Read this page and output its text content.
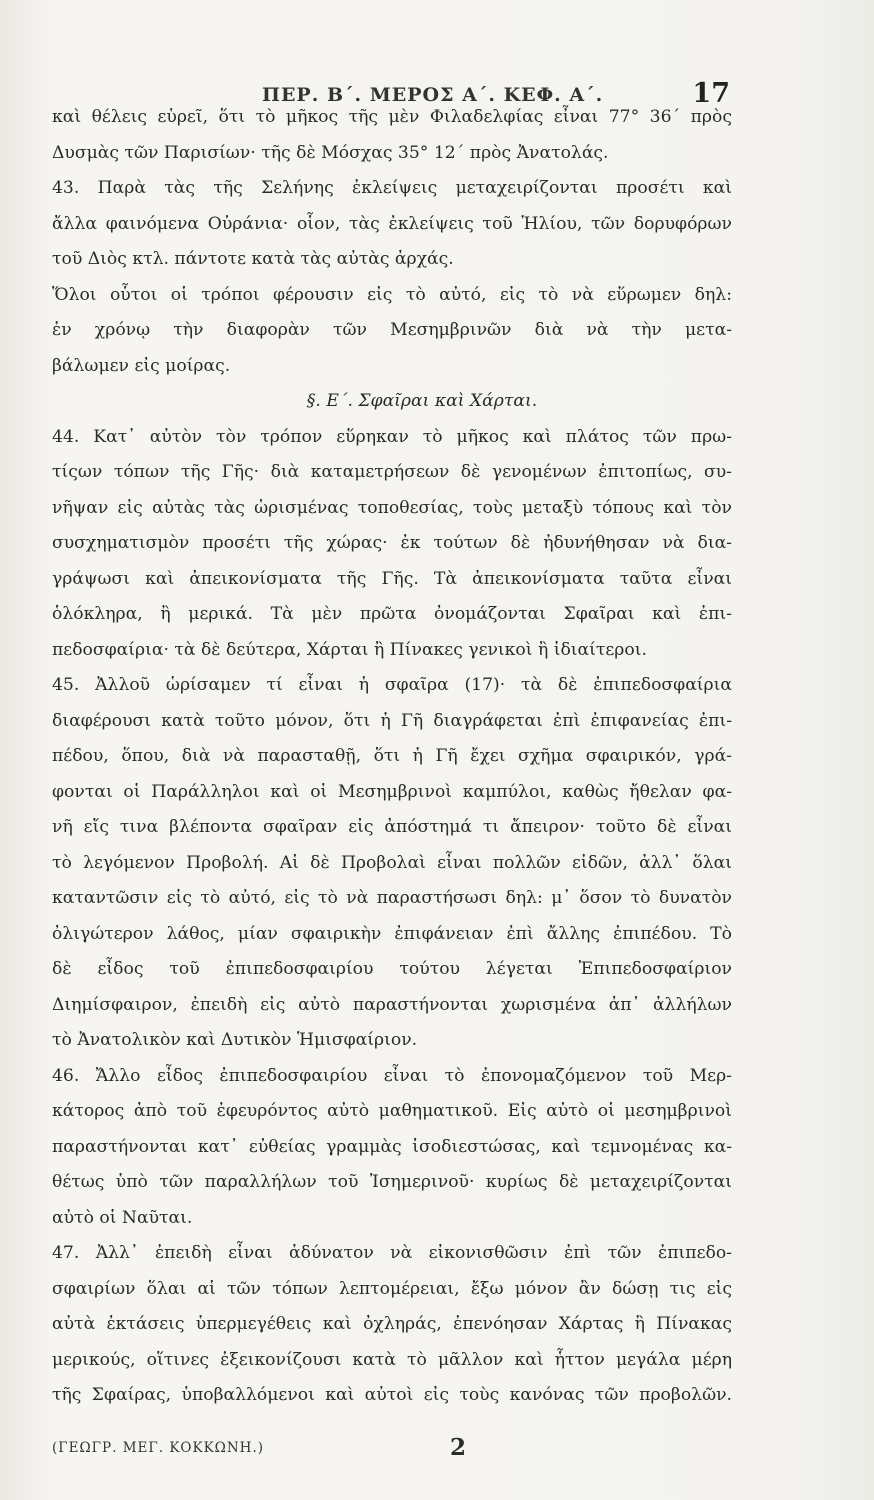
ΠΕΡ. Β΄. ΜΕΡΟΣ Α΄. ΚΕΦ. Α΄.	17
καὶ θέλεις εὑρεῖ, ὅτι τὸ μῆκος τῆς μὲν Φιλαδελφίας εἶναι 77° 36΄ πρὸς
Δυσμὰς τῶν Παρισίων· τῆς δὲ Μόσχας 35° 12΄ πρὸς Ἀνατολάς.
43. Παρὰ τὰς τῆς Σελήνης ἐκλείψεις μεταχειρίζονται προσέτι καὶ
ἄλλα φαινόμενα Οὐράνια· οἷον, τὰς ἐκλείψεις τοῦ Ἡλίου, τῶν δορυφόρων
τοῦ Διὸς κτλ. πάντοτε κατὰ τὰς αὐτὰς ἀρχάς.
Ὅλοι οὗτοι οἱ τρόποι φέρουσιν εἰς τὸ αὐτό, εἰς τὸ νὰ εὕρωμεν δηλ:
ἐν χρόνῳ τὴν διαφορὰν τῶν Μεσημβρινῶν διὰ νὰ τὴν μετα-
βάλωμεν εἰς μοίρας.
§. Ε΄. Σφαῖραι καὶ Χάρται.
44. Κατ᾿ αὐτὸν τὸν τρόπον εὕρηκαν τὸ μῆκος καὶ πλάτος τῶν πρω-
τίςων τόπων τῆς Γῆς· διὰ καταμετρήσεων δὲ γενομένων ἐπιτοπίως, συ-
νῆψαν εἰς αὐτὰς τὰς ὡρισμένας τοποθεσίας, τοὺς μεταξὺ τόπους καὶ τὸν
συσχηματισμὸν προσέτι τῆς χώρας· ἐκ τούτων δὲ ἠδυνήθησαν νὰ δια-
γράψωσι καὶ ἀπεικονίσματα τῆς Γῆς. Τὰ ἀπεικονίσματα ταῦτα εἶναι
ὁλόκληρα, ἢ μερικά. Τὰ μὲν πρῶτα ὀνομάζονται Σφαῖραι καὶ ἐπι-
πεδοσφαίρια· τὰ δὲ δεύτερα, Χάρται ἢ Πίνακες γενικοὶ ἢ ἰδιαίτεροι.
45. Ἀλλοῦ ὡρίσαμεν τί εἶναι ἡ σφαῖρα (17)· τὰ δὲ ἐπιπεδοσφαίρια
διαφέρουσι κατὰ τοῦτο μόνον, ὅτι ἡ Γῆ διαγράφεται ἐπὶ ἐπιφανείας ἐπι-
πέδου, ὅπου, διὰ νὰ παρασταθῇ, ὅτι ἡ Γῆ ἔχει σχῆμα σφαιρικόν, γρά-
φονται οἱ Παράλληλοι καὶ οἱ Μεσημβρινοὶ καμπύλοι, καθὼς ἤθελαν φα-
νῆ εἴς τινα βλέποντα σφαῖραν εἰς ἀπόστημά τι ἄπειρον· τοῦτο δὲ εἶναι
τὸ λεγόμενον Προβολή. Αἱ δὲ Προβολαὶ εἶναι πολλῶν εἰδῶν, ἀλλ᾿ ὅλαι
καταντῶσιν εἰς τὸ αὐτό, εἰς τὸ νὰ παραστήσωσι δηλ: μ᾿ ὅσον τὸ δυνατὸν
ὀλιγώτερον λάθος, μίαν σφαιρικὴν ἐπιφάνειαν ἐπὶ ἄλλης ἐπιπέδου. Τὸ
δὲ εἶδος τοῦ ἐπιπεδοσφαιρίου τούτου λέγεται Ἐπιπεδοσφαίριον
Διημίσφαιρον, ἐπειδὴ εἰς αὐτὸ παραστήνονται χωρισμένα ἀπ᾿ ἀλλήλων
τὸ Ἀνατολικὸν καὶ Δυτικὸν Ἡμισφαίριον.
46. Ἄλλο εἶδος ἐπιπεδοσφαιρίου εἶναι τὸ ἐπονομαζόμενον τοῦ Μερ-
κάτορος ἀπὸ τοῦ ἐφευρόντος αὐτὸ μαθηματικοῦ. Εἰς αὐτὸ οἱ μεσημβρινοὶ
παραστήνονται κατ᾿ εὐθείας γραμμὰς ἰσοδιεστώσας, καὶ τεμνομένας κα-
θέτως ὑπὸ τῶν παραλλήλων τοῦ Ἰσημερινοῦ· κυρίως δὲ μεταχειρίζονται
αὐτὸ οἱ Ναῦται.
47. Ἀλλ᾿ ἐπειδὴ εἶναι ἀδύνατον νὰ εἰκονισθῶσιν ἐπὶ τῶν ἐπιπεδο-
σφαιρίων ὅλαι αἱ τῶν τόπων λεπτομέρειαι, ἔξω μόνον ἂν δώσῃ τις εἰς
αὐτὰ ἐκτάσεις ὑπερμεγέθεις καὶ ὀχληράς, ἐπενόησαν Χάρτας ἢ Πίνακας
μερικούς, οἵτινες ἐξεικονίζουσι κατὰ τὸ μᾶλλον καὶ ἧττον μεγάλα μέρη
τῆς Σφαίρας, ὑποβαλλόμενοι καὶ αὐτοὶ εἰς τοὺς κανόνας τῶν προβολῶν.
(ΓΕΩΓΡ. ΜΕΓ. ΚΟΚΚΩΝΗ.)	2
